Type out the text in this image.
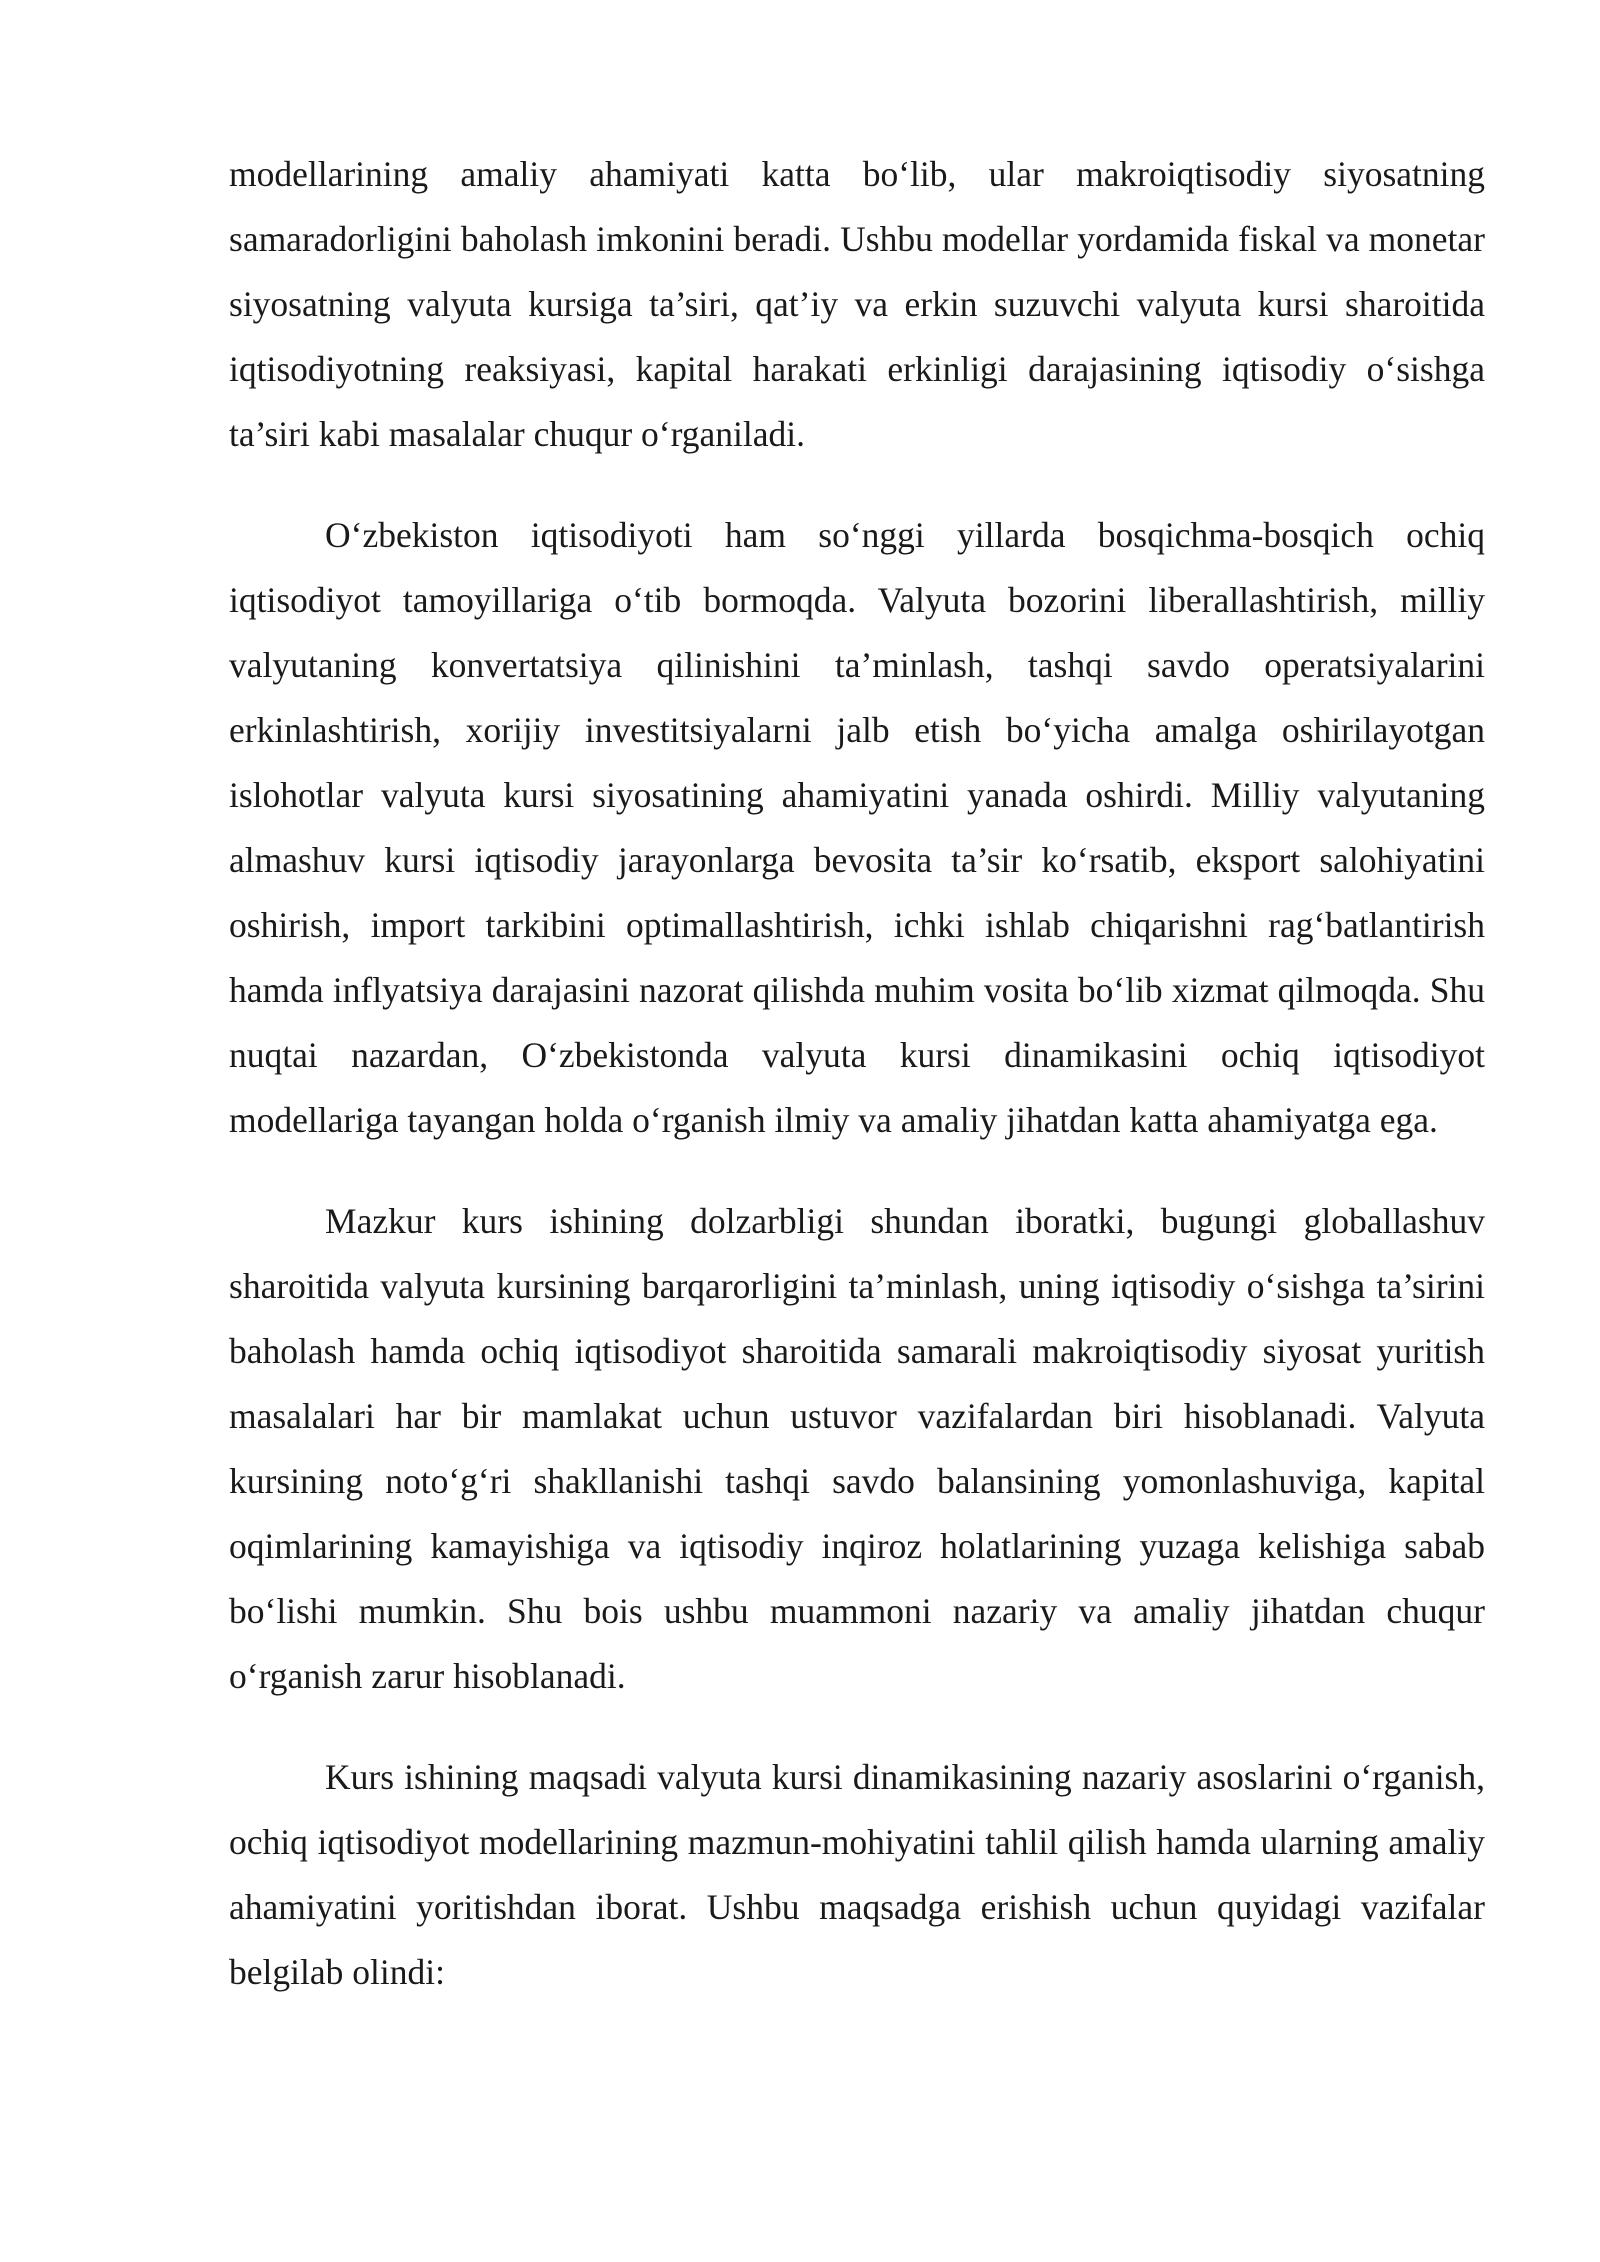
modellarining amaliy ahamiyati katta bo‘lib, ular makroiqtisodiy siyosatning samaradorligini baholash imkonini beradi. Ushbu modellar yordamida fiskal va monetar siyosatning valyuta kursiga ta’siri, qat’iy va erkin suzuvchi valyuta kursi sharoitida iqtisodiyotning reaksiyasi, kapital harakati erkinligi darajasining iqtisodiy o‘sishga ta’siri kabi masalalar chuqur o‘rganiladi.

O‘zbekiston iqtisodiyoti ham so‘nggi yillarda bosqichma-bosqich ochiq iqtisodiyot tamoyillariga o‘tib bormoqda. Valyuta bozorini liberallashtirish, milliy valyutaning konvertatsiya qilinishini ta’minlash, tashqi savdo operatsiyalarini erkinlashtirish, xorijiy investitsiyalarni jalb etish bo‘yicha amalga oshirilayotgan islohotlar valyuta kursi siyosatining ahamiyatini yanada oshirdi. Milliy valyutaning almashuv kursi iqtisodiy jarayonlarga bevosita ta’sir ko‘rsatib, eksport salohiyatini oshirish, import tarkibini optimallashtirish, ichki ishlab chiqarishni rag‘batlantirish hamda inflyatsiya darajasini nazorat qilishda muhim vosita bo‘lib xizmat qilmoqda. Shu nuqtai nazardan, O‘zbekistonda valyuta kursi dinamikasini ochiq iqtisodiyot modellariga tayangan holda o‘rganish ilmiy va amaliy jihatdan katta ahamiyatga ega.

Mazkur kurs ishining dolzarbligi shundan iboratki, bugungi globallashuv sharoitida valyuta kursining barqarorligini ta’minlash, uning iqtisodiy o‘sishga ta’sirini baholash hamda ochiq iqtisodiyot sharoitida samarali makroiqtisodiy siyosat yuritish masalalari har bir mamlakat uchun ustuvor vazifalardan biri hisoblanadi. Valyuta kursining noto‘g‘ri shakllanishi tashqi savdo balansining yomonlashuviga, kapital oqimlarining kamayishiga va iqtisodiy inqiroz holatlarining yuzaga kelishiga sabab bo‘lishi mumkin. Shu bois ushbu muammoni nazariy va amaliy jihatdan chuqur o‘rganish zarur hisoblanadi.

Kurs ishining maqsadi valyuta kursi dinamikasining nazariy asoslarini o‘rganish, ochiq iqtisodiyot modellarining mazmun-mohiyatini tahlil qilish hamda ularning amaliy ahamiyatini yoritishdan iborat. Ushbu maqsadga erishish uchun quyidagi vazifalar belgilab olindi:
